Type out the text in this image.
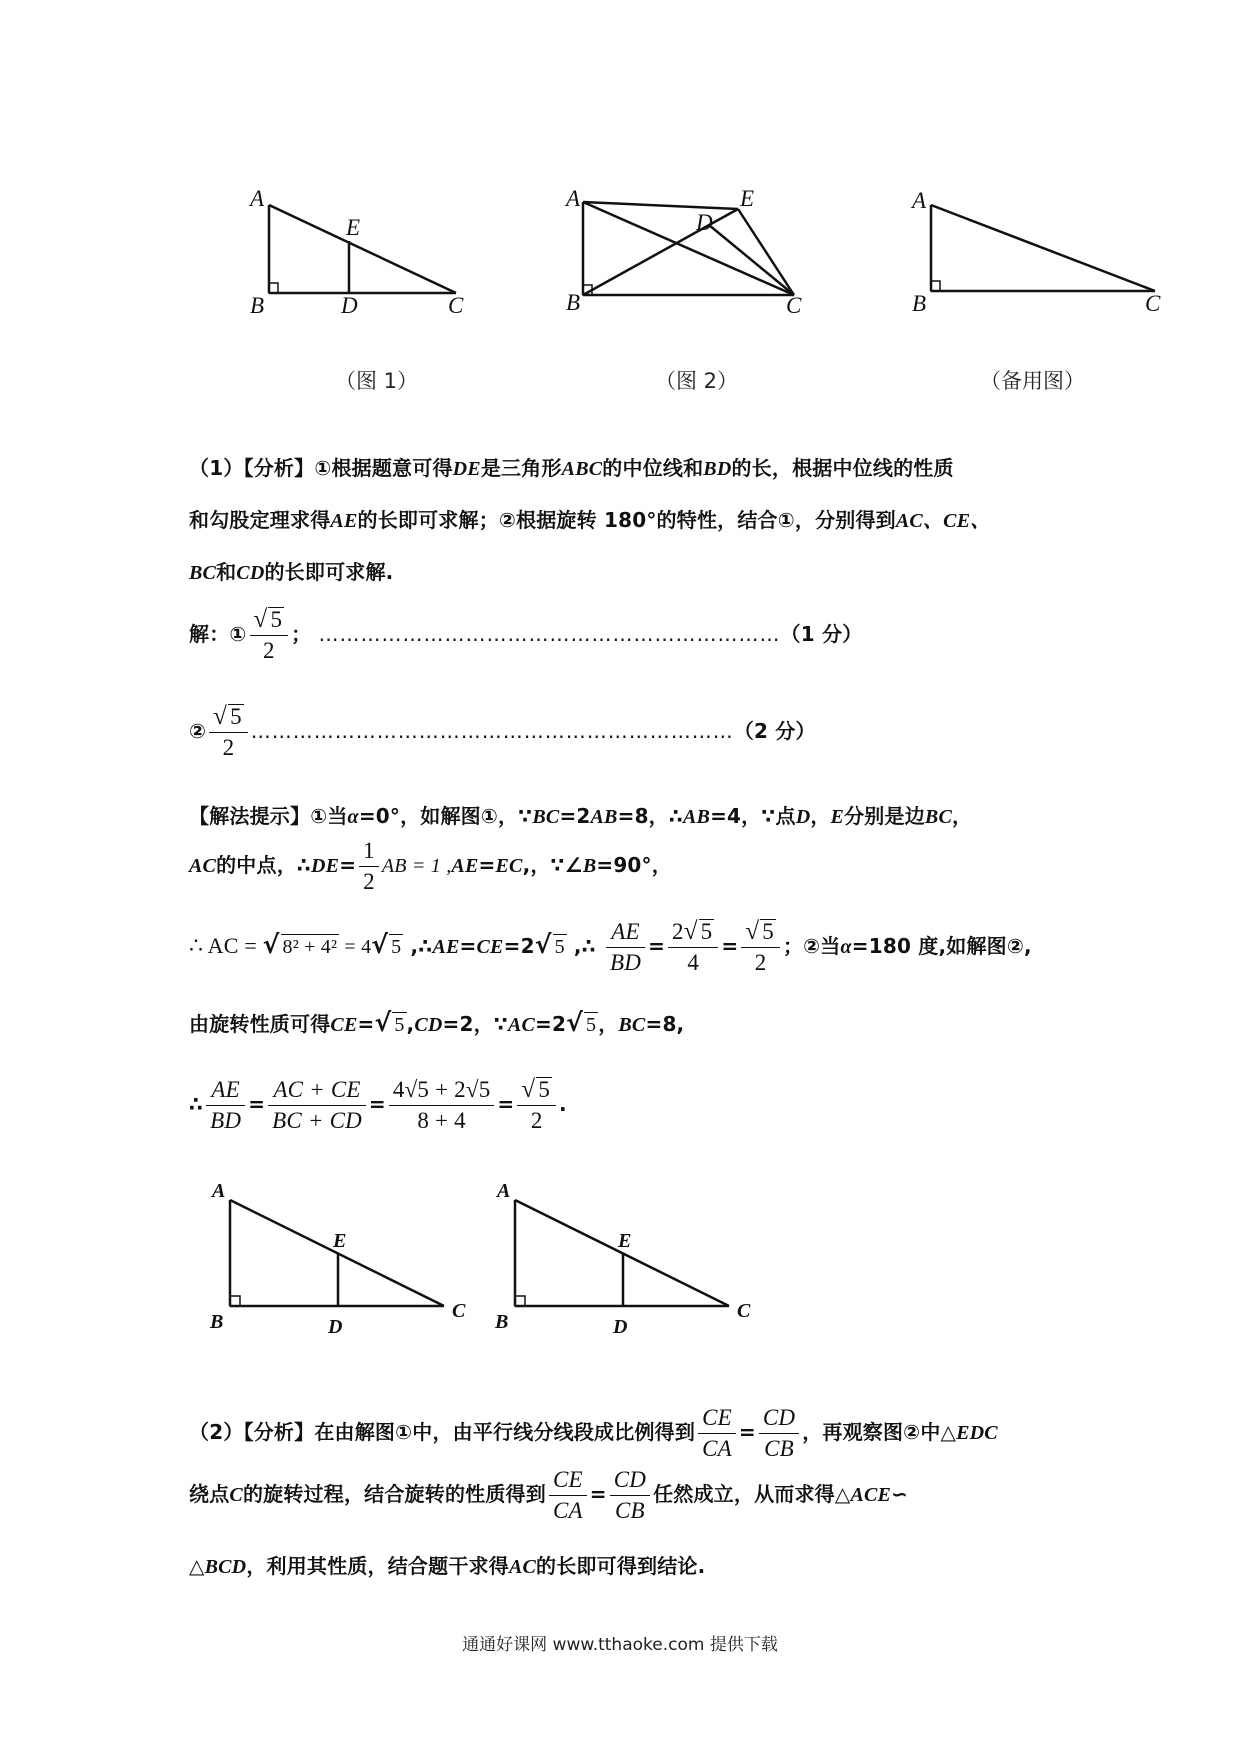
A
B	C
D
E
（图 1）
A
B	C
D
E
（图 2）
A
B	C
（备用图）
（1）【分析】①根据题意可得DE是三角形ABC的中位线和BD的长，根据中位线的性质
和勾股定理求得AE的长即可求解；②根据旋转 180°的特性，结合①，分别得到AC、CE、
BC和CD的长即可求解.
解：① $\frac{√ 5}{2}$ ； …………………………………………………………（1 分）
② $\frac{√ 5}{2}$ ……………………………………………………………（2 分）
【解法提示】①当α=0°，如解图①，∵BC=2AB=8，∴AB=4，∵点D，E分别是边BC，
AC的中点，∴DE= $\frac{1}{2}$ AB = 1 ,AE=EC,，∵∠B=90°，
∴ AC = √ 8² + 4² = 4√ 5 ,∴AE=CE=2√ 5 ,∴ $\frac{AE}{BD} = \frac{2√ 5}{4} = \frac{√ 5}{2}$ ；②当α=180 度,如解图②,
由旋转性质可得CE=√ 5 ,CD=2，∵AC=2√ 5 ，BC=8,
∴ $\frac{AE}{BD} = \frac{AC + CE}{BC + CD} = \frac{4√5 + 2√5}{8 + 4} = \frac{√ 5}{2}$ .
A
B	C
D
E
A
B	C
D
E
（2）【分析】在由解图①中，由平行线分线段成比例得到 $\frac{CE}{CA} = \frac{CD}{CB}$ ，再观察图②中△EDC
绕点C的旋转过程，结合旋转的性质得到 $\frac{CE}{CA} = \frac{CD}{CB}$ 任然成立，从而求得△ACE∽
△BCD，利用其性质，结合题干求得AC的长即可得到结论.
通通好课网 www.tthaoke.com 提供下载
